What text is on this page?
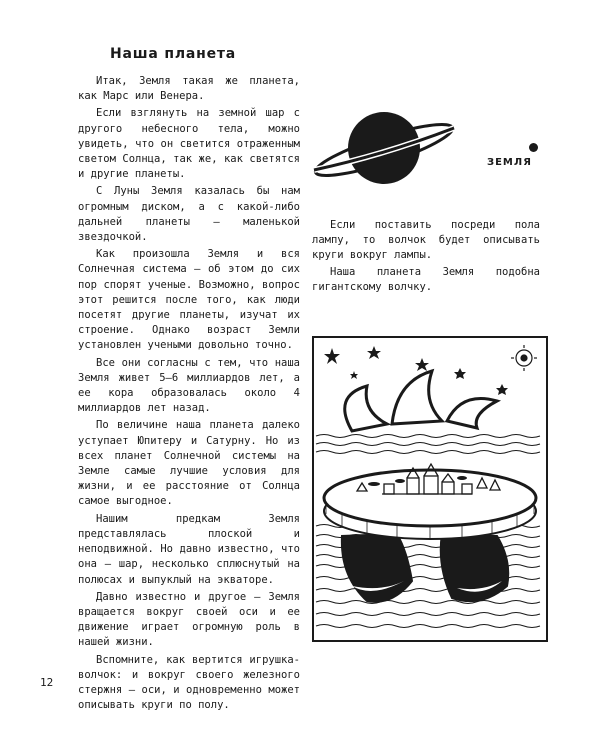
Наша планета

Итак, Земля такая же планета, как Марс или Венера.

Если взглянуть на земной шар с другого небесного тела, можно увидеть, что он светится отраженным светом Солнца, так же, как светятся и другие планеты.

С Луны Земля казалась бы нам огромным диском, а с какой-либо дальней планеты — маленькой звездочкой.

Как произошла Земля и вся Солнечная система — об этом до сих пор спорят ученые. Возможно, вопрос этот решится после того, как люди посетят другие планеты, изучат их строение. Однако возраст Земли установлен учеными довольно точно.

Все они согласны с тем, что наша Земля живет 5—6 миллиардов лет, а ее кора образовалась около 4 миллиардов лет назад.

По величине наша планета далеко уступает Юпитеру и Сатурну. Но из всех планет Солнечной системы на Земле самые лучшие условия для жизни, и ее расстояние от Солнца самое выгодное.

Нашим предкам Земля представлялась плоской и неподвижной. Но давно известно, что она — шар, несколько сплюснутый на полюсах и выпуклый на экваторе.

Давно известно и другое — Земля вращается вокруг своей оси и ее движение играет огромную роль в нашей жизни.

Вспомните, как вертится игрушка-волчок: и вокруг своего железного стержня — оси, и одновременно может описывать круги по полу.

ЗЕМЛЯ

Если поставить посреди пола лампу, то волчок будет описывать круги вокруг лампы.

Наша планета Земля подобна гигантскому волчку.

12
